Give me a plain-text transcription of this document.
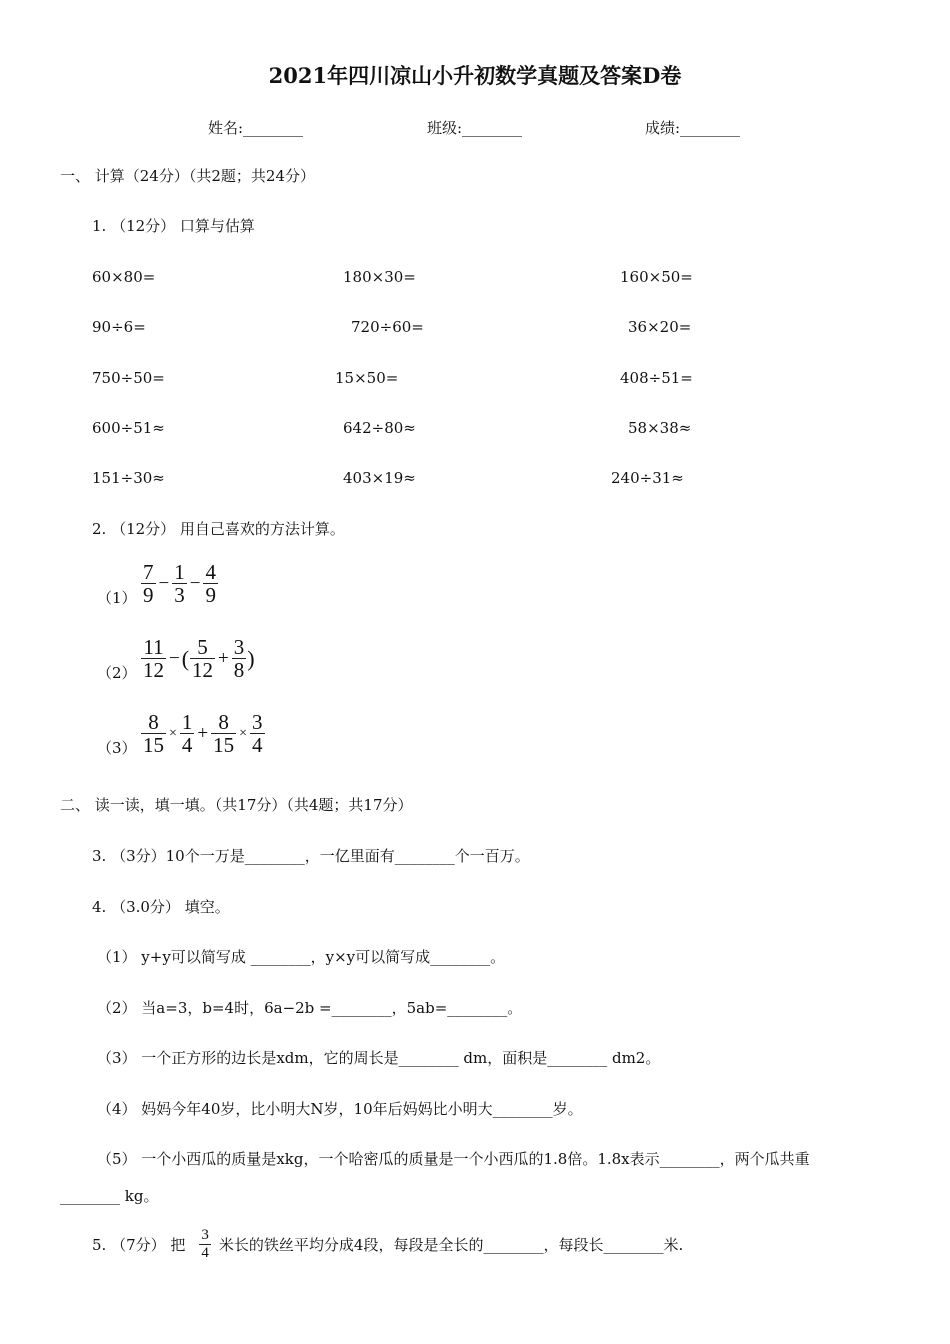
2021年四川凉山小升初数学真题及答案D卷
姓名:________	班级:________	成绩:________
一、 计算（24分）（共2题；共24分）
1. （12分） 口算与估算
60×80=	180×30=	160×50=
90÷6=	720÷60=	36×20=
750÷50=	15×50=	408÷51=
600÷51≈	642÷80≈	58×38≈
151÷30≈	403×19≈	240÷31≈
2. （12分） 用自己喜欢的方法计算。
$(1) \frac{7}{9} - \frac{1}{3} - \frac{4}{9}$
$(2) \frac{11}{12}$ − ( $\frac{5}{12} + \frac{3}{8}$ )
$(3) \frac{8}{15} \times \frac{1}{4} + \frac{8}{15} \times \frac{3}{4}$
二、 读一读，填一填。（共17分）（共4题；共17分）
3. （3分）10个一万是________，一亿里面有________个一百万。
4. （3.0分） 填空。
（1） y+y可以简写成 ________，y×y可以简写成________。
（2） 当a=3，b=4时，6a−2b =________，5ab=________。
（3） 一个正方形的边长是xdm，它的周长是________ dm，面积是________ dm2。
（4） 妈妈今年40岁，比小明大N岁，10年后妈妈比小明大________岁。
（5） 一个小西瓜的质量是xkg，一个哈密瓜的质量是一个小西瓜的1.8倍。1.8x表示________，两个瓜共重
________ kg。
5. （7分） 把 $\frac{3}{4}$ 米长的铁丝平均分成4段，每段是全长的________，每段长________米.
